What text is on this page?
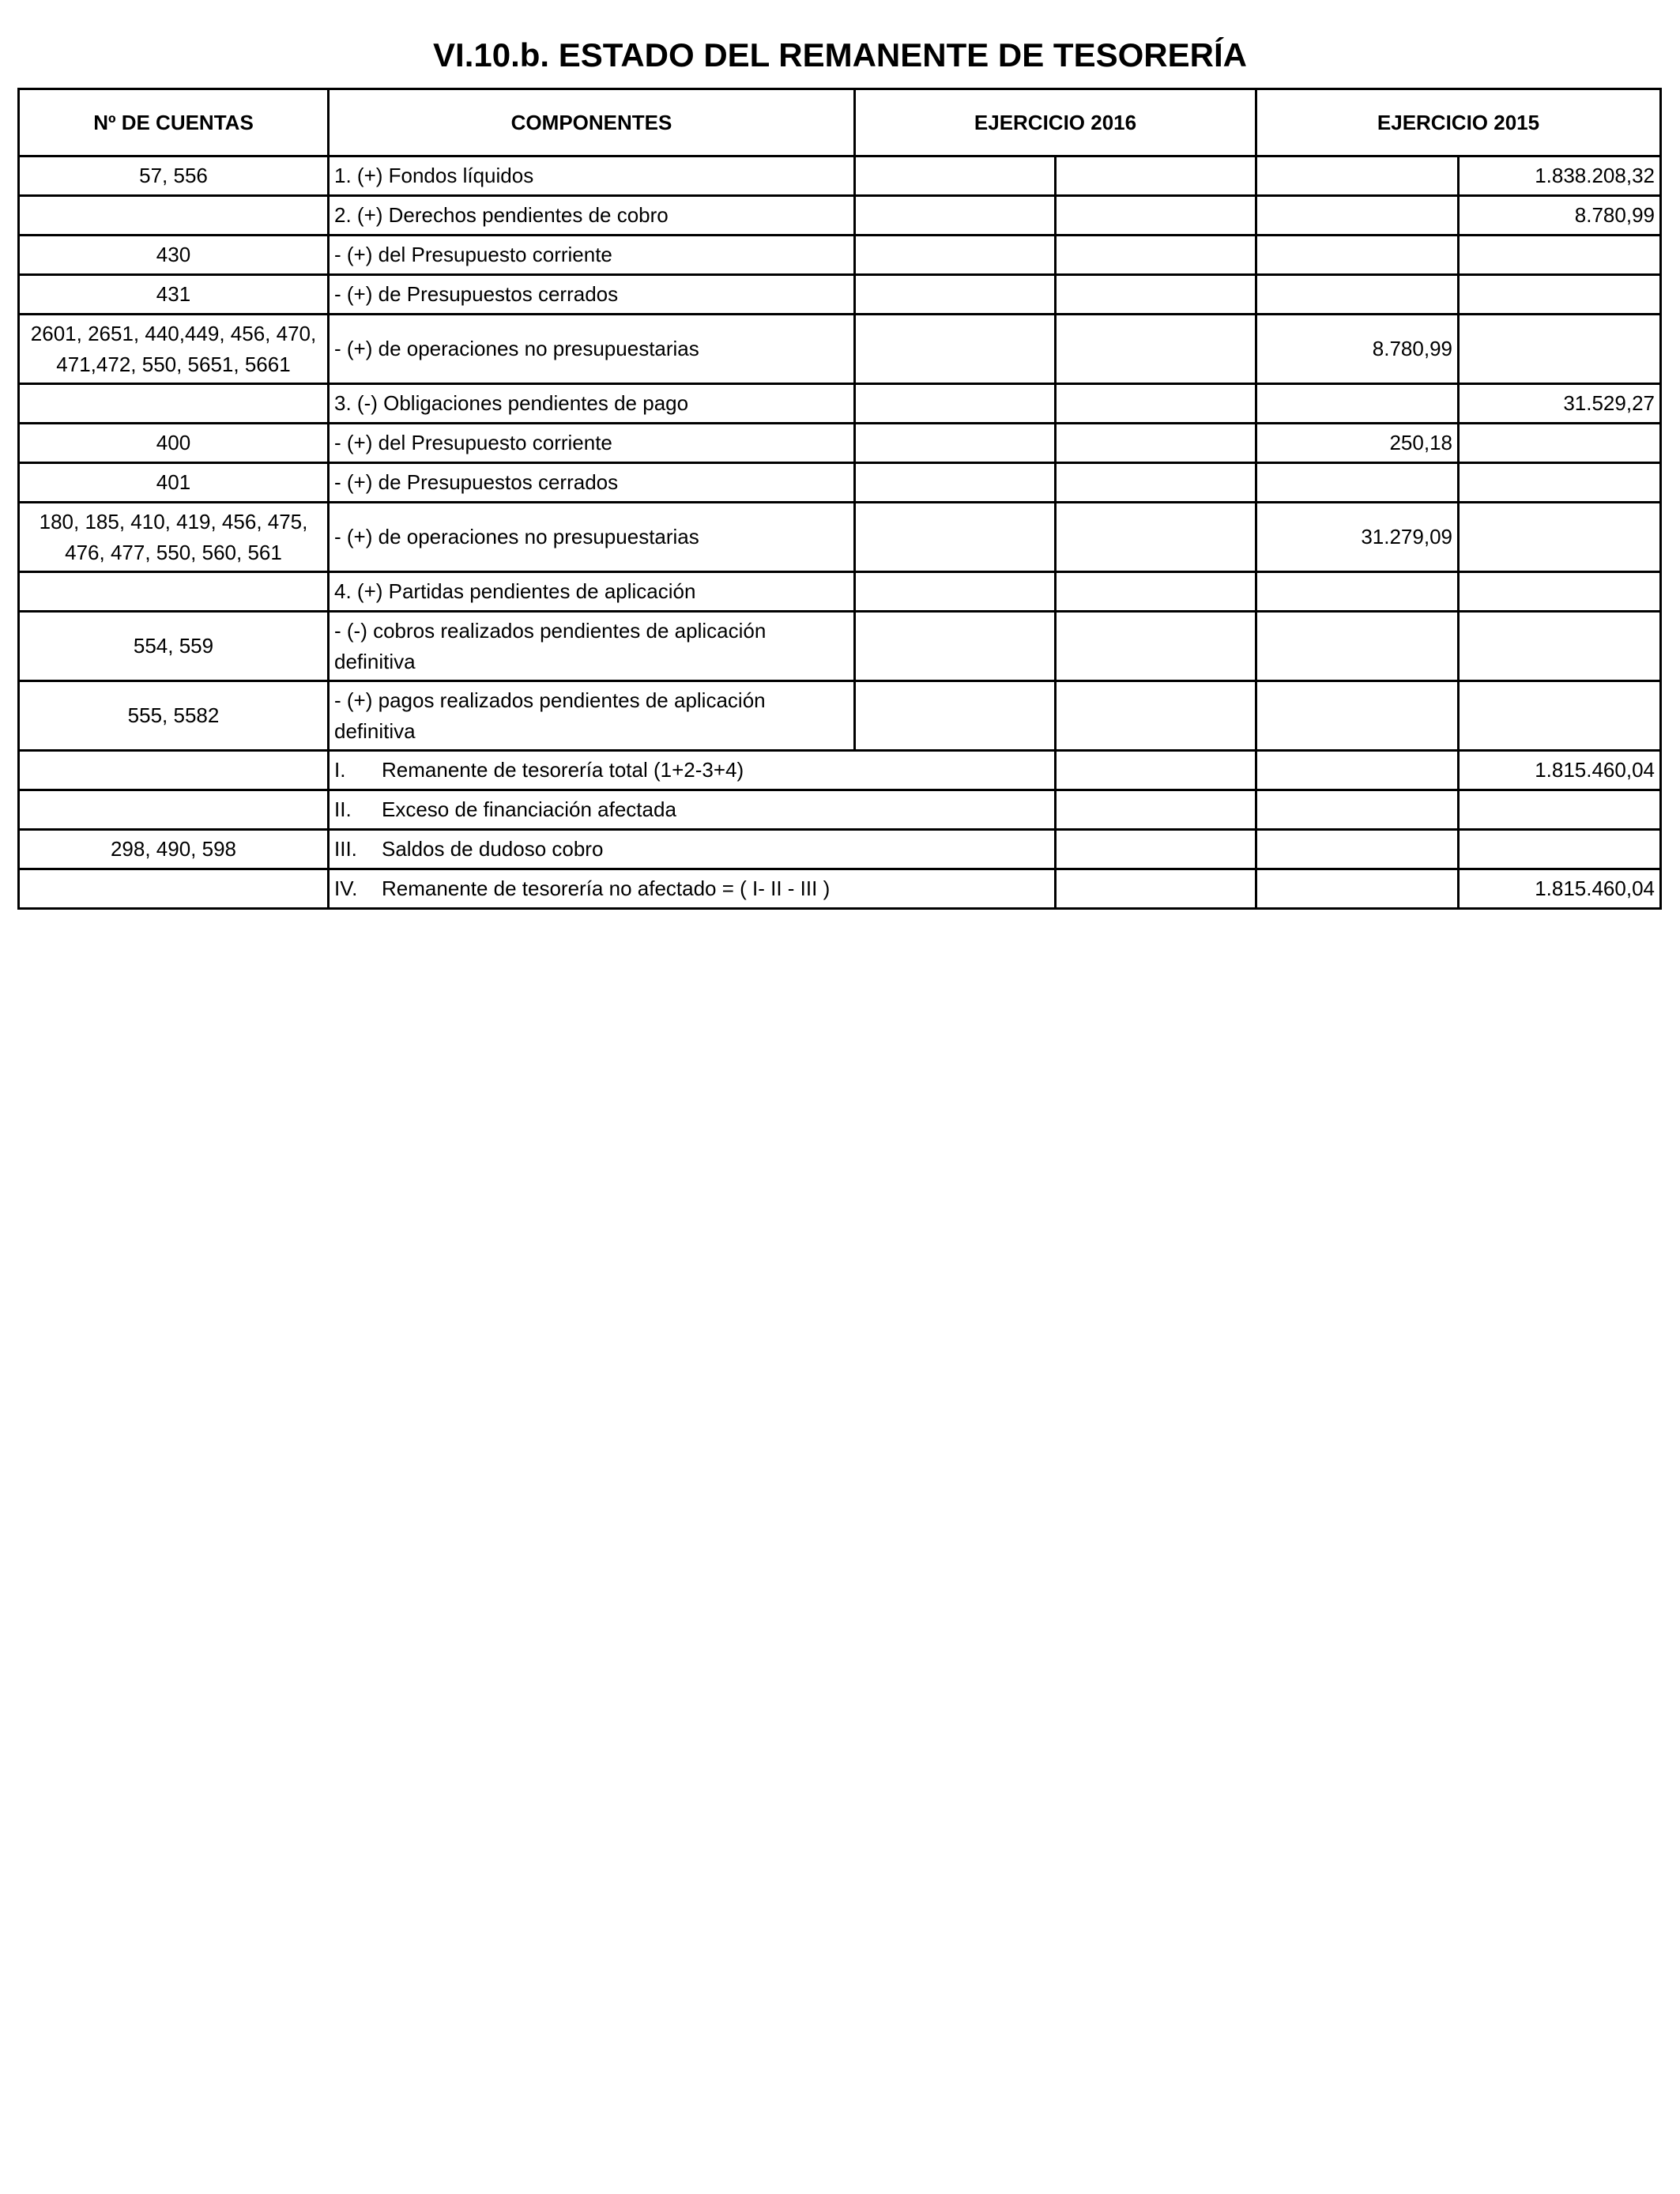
VI.10.b. ESTADO DEL REMANENTE DE TESORERÍA
Nº DE CUENTAS	COMPONENTES	EJERCICIO 2016		EJERCICIO 2015	
57, 556	1. (+) Fondos líquidos				1.838.208,32
	2. (+) Derechos pendientes de cobro				8.780,99
430	- (+) del Presupuesto corriente				
431	- (+) de Presupuestos cerrados				
2601, 2651, 440,449, 456, 470, 471,472, 550, 5651, 5661	- (+) de operaciones no presupuestarias			8.780,99	
	3. (-) Obligaciones pendientes de pago				31.529,27
400	- (+) del Presupuesto corriente			250,18	
401	- (+) de Presupuestos cerrados				
180, 185, 410, 419, 456, 475, 476, 477, 550, 560, 561	- (+) de operaciones no presupuestarias			31.279,09	
	4. (+) Partidas pendientes de aplicación				
554, 559	- (-) cobros realizados pendientes de aplicación definitiva				
555, 5582	- (+) pagos realizados pendientes de aplicación definitiva				
	I. Remanente de tesorería total (1+2-3+4)				1.815.460,04
	II. Exceso de financiación afectada				
298, 490, 598	III. Saldos de dudoso cobro				
	IV. Remanente de tesorería no afectado = ( I- II - III )				1.815.460,04
